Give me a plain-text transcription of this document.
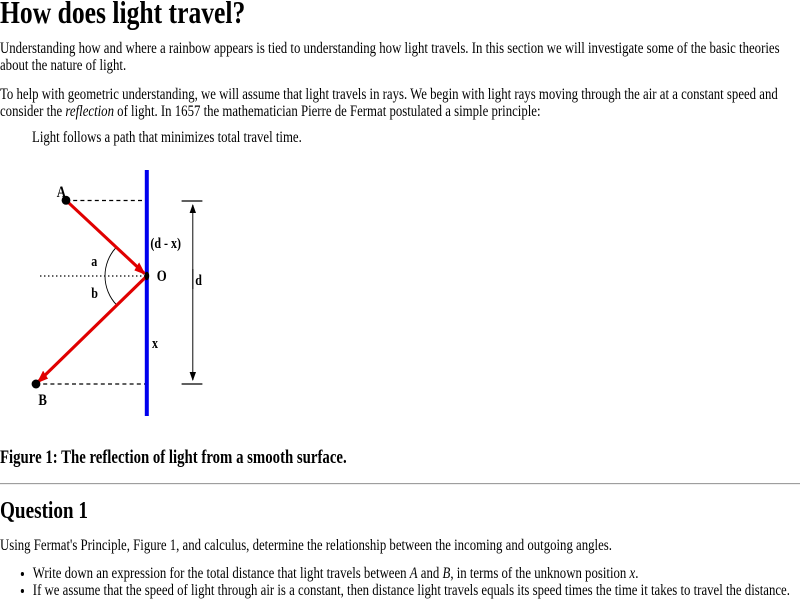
How does light travel?

Understanding how and where a rainbow appears is tied to understanding how light travels. In this section we will investigate some of the basic theories about the nature of light.

To help with geometric understanding, we will assume that light travels in rays. We begin with light rays moving through the air at a constant speed and consider the reflection of light. In 1657 the mathematician Pierre de Fermat postulated a simple principle:

Light follows a path that minimizes total travel time.
A
B
O
a
b
x
d
(d - x)

Figure 1: The reflection of light from a smooth surface.

Question 1

Using Fermat's Principle, Figure 1, and calculus, determine the relationship between the incoming and outgoing angles.

• Write down an expression for the total distance that light travels between A and B, in terms of the unknown position x.
• If we assume that the speed of light through air is a constant, then distance light travels equals its speed times the time it takes to travel the distance.
